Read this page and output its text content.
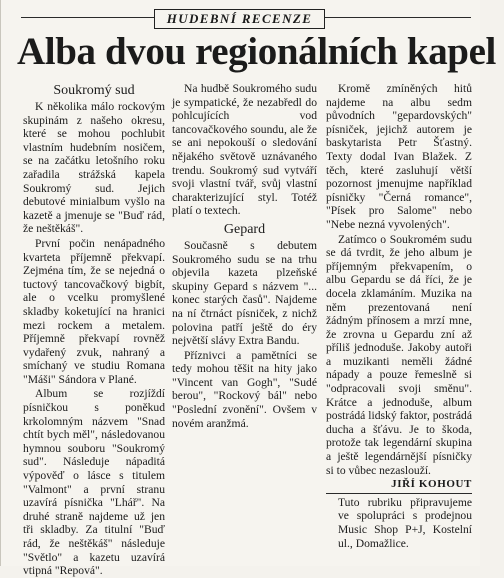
HUDEBNÍ RECENZE
Alba dvou regionálních kapel
Soukromý sud

K několika málo rockovým skupinám z našeho okresu, které se mohou pochlubit vlastním hudebním nosičem, se na začátku letošního roku zařadila strážská kapela Soukromý sud. Jejich debutové minialbum vyšlo na kazetě a jmenuje se "Buď rád, že neštěkáš".

První počin nenápadného kvarteta příjemně překvapí. Zejména tím, že se nejedná o tuctový tancovačkový bigbít, ale o vcelku promyšlené skladby koketující na hranici mezi rockem a metalem. Příjemně překvapí rovněž vydařený zvuk, nahraný a smíchaný ve studiu Romana "Máši" Sándora v Plané.

Album se rozjíždí písničkou s poněkud krkolomným názvem "Snad chtít bych měl", následovanou hymnou souboru "Soukromý sud". Následuje nápaditá výpověď o lásce s titulem "Valmont" a první stranu uzavírá písnička "Lhář". Na druhé straně najdeme už jen tři skladby. Za titulní "Buď rád, že neštěkáš" následuje "Světlo" a kazetu uzavírá vtipná "Repová".

Na hudbě Soukromého sudu je sympatické, že nezabředl do pohlcujících vod tancovačkového soundu, ale že se ani nepokouší o sledování nějakého světově uznávaného trendu. Soukromý sud vytváří svoji vlastní tvář, svůj vlastní charakterizující styl. Totéž platí o textech.

Gepard

Současně s debutem Soukromého sudu se na trhu objevila kazeta plzeňské skupiny Gepard s názvem "... konec starých časů". Najdeme na ní čtrnáct písniček, z nichž polovina patří ještě do éry největší slávy Extra Bandu.

Příznivci a pamětníci se tedy mohou těšit na hity jako "Vincent van Gogh", "Sudé berou", "Rockový bál" nebo "Poslední zvonění". Ovšem v novém aranžmá.

Kromě zmíněných hitů najdeme na albu sedm původních "gepardovských" písniček, jejichž autorem je baskytarista Petr Šťastný. Texty dodal Ivan Blažek. Z těch, které zasluhují větší pozornost jmenujme například písničky "Černá romance", "Písek pro Salome" nebo "Nebe nezná vyvolených".

Zatímco o Soukromém sudu se dá tvrdit, že jeho album je příjemným překvapením, o albu Gepardu se dá říci, že je docela zklamáním. Muzika na něm prezentovaná není žádným přínosem a mrzí mne, že zrovna u Gepardu zní až příliš jednoduše. Jakoby autoři a muzikanti neměli žádné nápady a pouze řemeslně si "odpracovali svoji směnu". Krátce a jednoduše, album postrádá lidský faktor, postrádá ducha a šťávu. Je to škoda, protože tak legendární skupina a ještě legendárnější písničky si to vůbec nezaslouží.

JIŘÍ KOHOUT

Tuto rubriku připravujeme ve spolupráci s prodejnou Music Shop P+J, Kostelní ul., Domažlice.
